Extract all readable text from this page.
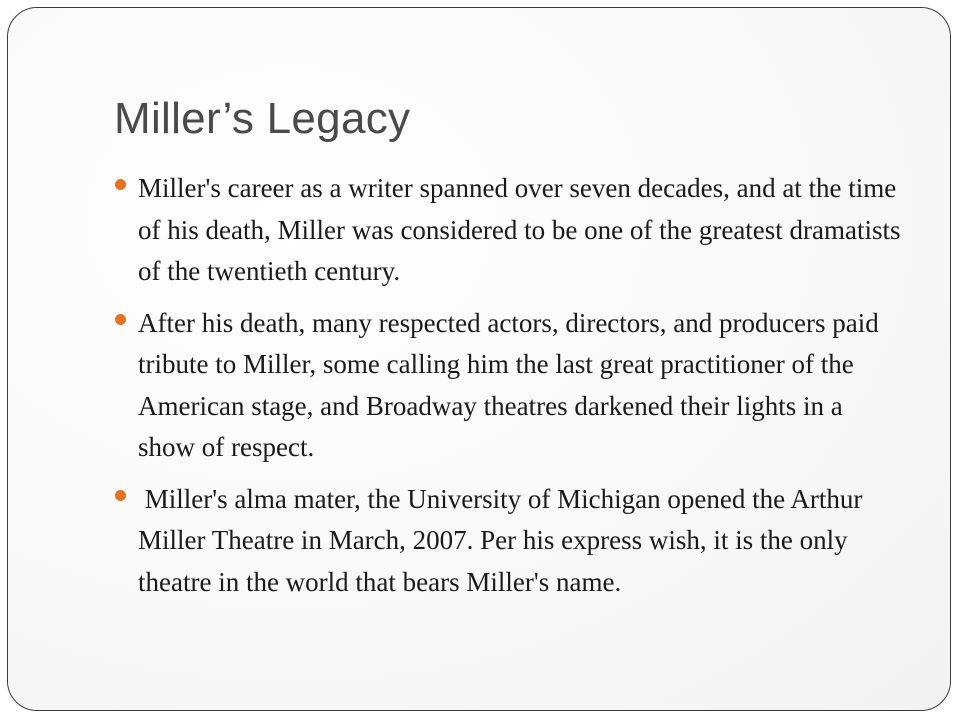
Miller’s Legacy
Miller's career as a writer spanned over seven decades, and at the time of his death, Miller was considered to be one of the greatest dramatists of the twentieth century.
After his death, many respected actors, directors, and producers paid tribute to Miller, some calling him the last great practitioner of the American stage, and Broadway theatres darkened their lights in a show of respect.
Miller's alma mater, the University of Michigan opened the Arthur Miller Theatre in March, 2007. Per his express wish, it is the only theatre in the world that bears Miller's name.
